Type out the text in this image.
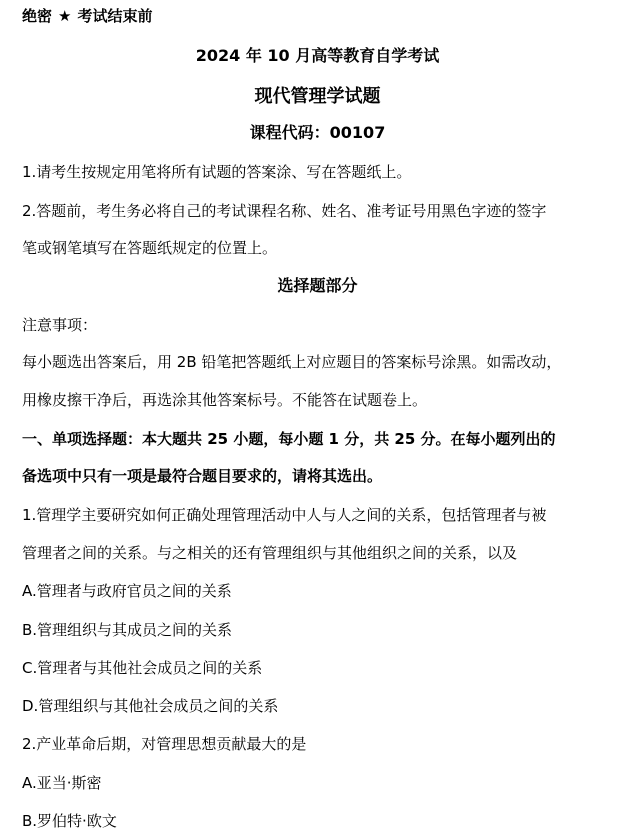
绝密 ★ 考试结束前
2024 年 10 月高等教育自学考试
现代管理学试题
课程代码：00107
1.请考生按规定用笔将所有试题的答案涂、写在答题纸上。
2.答题前，考生务必将自己的考试课程名称、姓名、准考证号用黑色字迹的签字
笔或钢笔填写在答题纸规定的位置上。
选择题部分
注意事项：
每小题选出答案后，用 2B 铅笔把答题纸上对应题目的答案标号涂黑。如需改动，
用橡皮擦干净后，再选涂其他答案标号。不能答在试题卷上。
一、单项选择题：本大题共 25 小题，每小题 1 分，共 25 分。在每小题列出的
备选项中只有一项是最符合题目要求的，请将其选出。
1.管理学主要研究如何正确处理管理活动中人与人之间的关系，包括管理者与被
管理者之间的关系。与之相关的还有管理组织与其他组织之间的关系，以及
A.管理者与政府官员之间的关系
B.管理组织与其成员之间的关系
C.管理者与其他社会成员之间的关系
D.管理组织与其他社会成员之间的关系
2.产业革命后期，对管理思想贡献最大的是
A.亚当·斯密
B.罗伯特·欧文
